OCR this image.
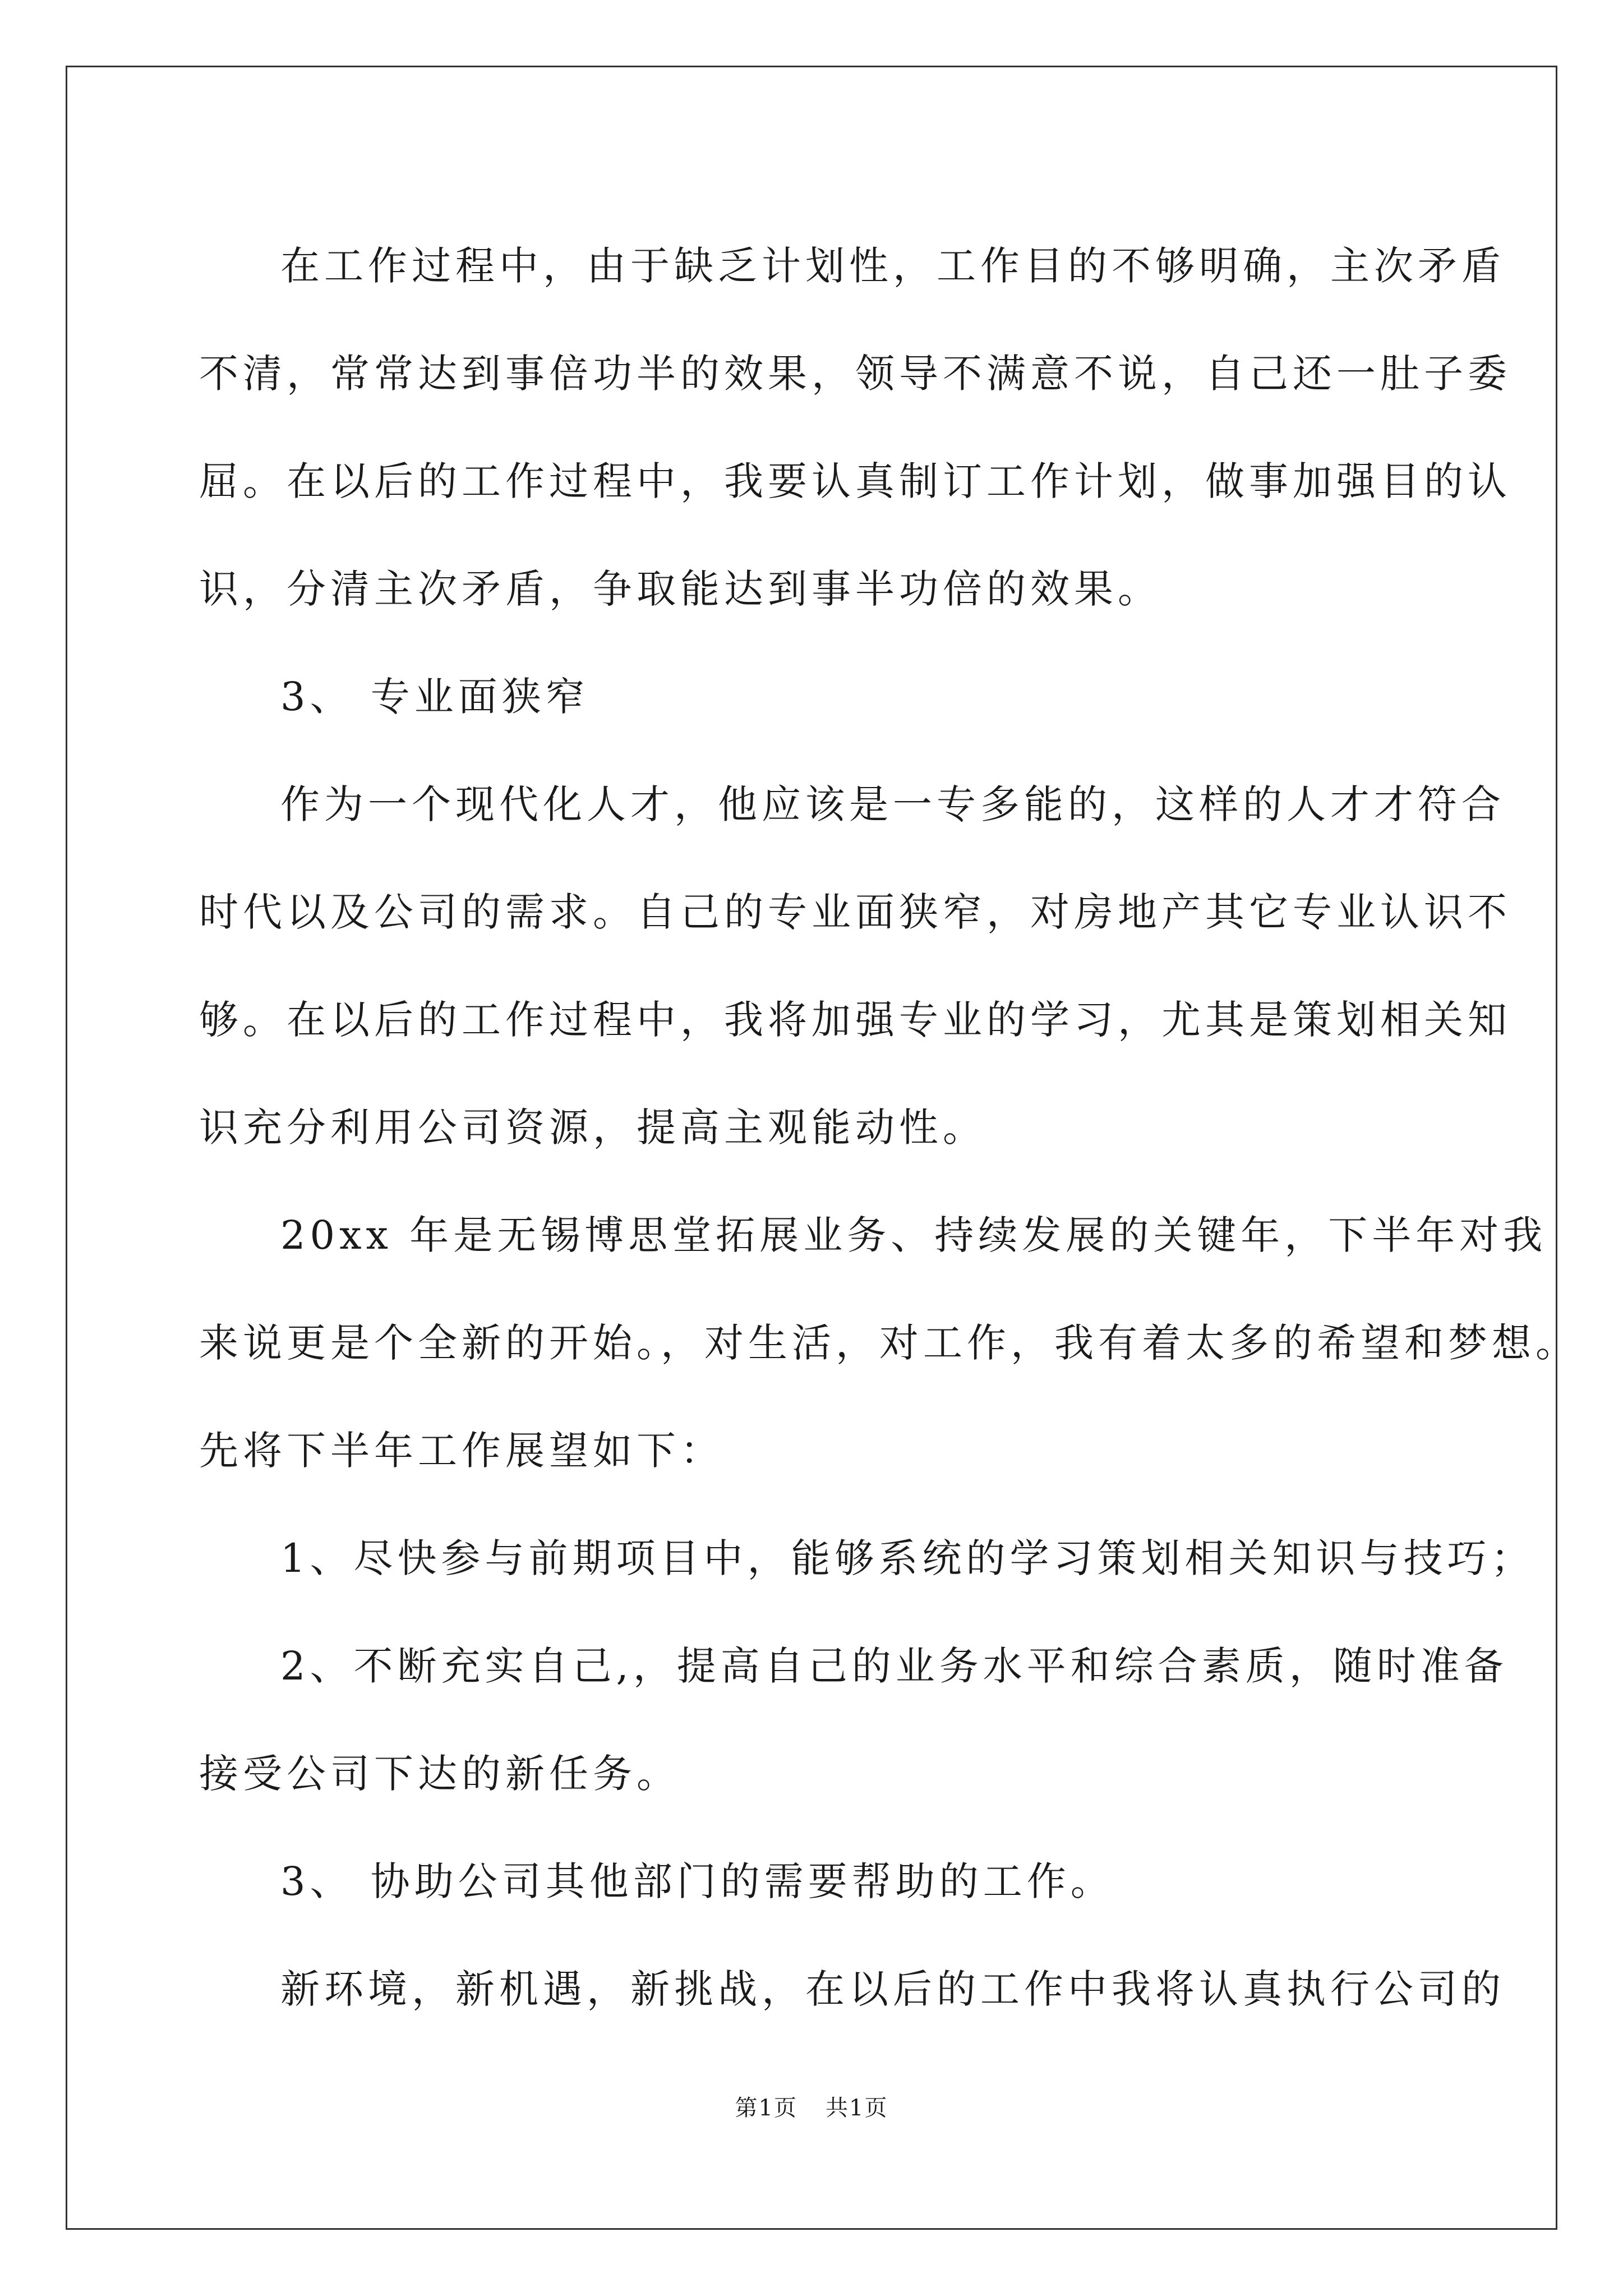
在工作过程中，由于缺乏计划性，工作目的不够明确，主次矛盾
不清，常常达到事倍功半的效果，领导不满意不说，自己还一肚子委
屈。在以后的工作过程中，我要认真制订工作计划，做事加强目的认
识，分清主次矛盾，争取能达到事半功倍的效果。
3、 专业面狭窄
作为一个现代化人才，他应该是一专多能的，这样的人才才符合
时代以及公司的需求。自己的专业面狭窄，对房地产其它专业认识不
够。在以后的工作过程中，我将加强专业的学习，尤其是策划相关知
识充分利用公司资源，提高主观能动性。
20xx 年是无锡博思堂拓展业务、持续发展的关键年，下半年对我
来说更是个全新的开始。，对生活，对工作，我有着太多的希望和梦想。
先将下半年工作展望如下：
1、尽快参与前期项目中，能够系统的学习策划相关知识与技巧；
2、不断充实自己,，提高自己的业务水平和综合素质，随时准备
接受公司下达的新任务。
3、 协助公司其他部门的需要帮助的工作。
新环境，新机遇，新挑战，在以后的工作中我将认真执行公司的
第1页 共1页
